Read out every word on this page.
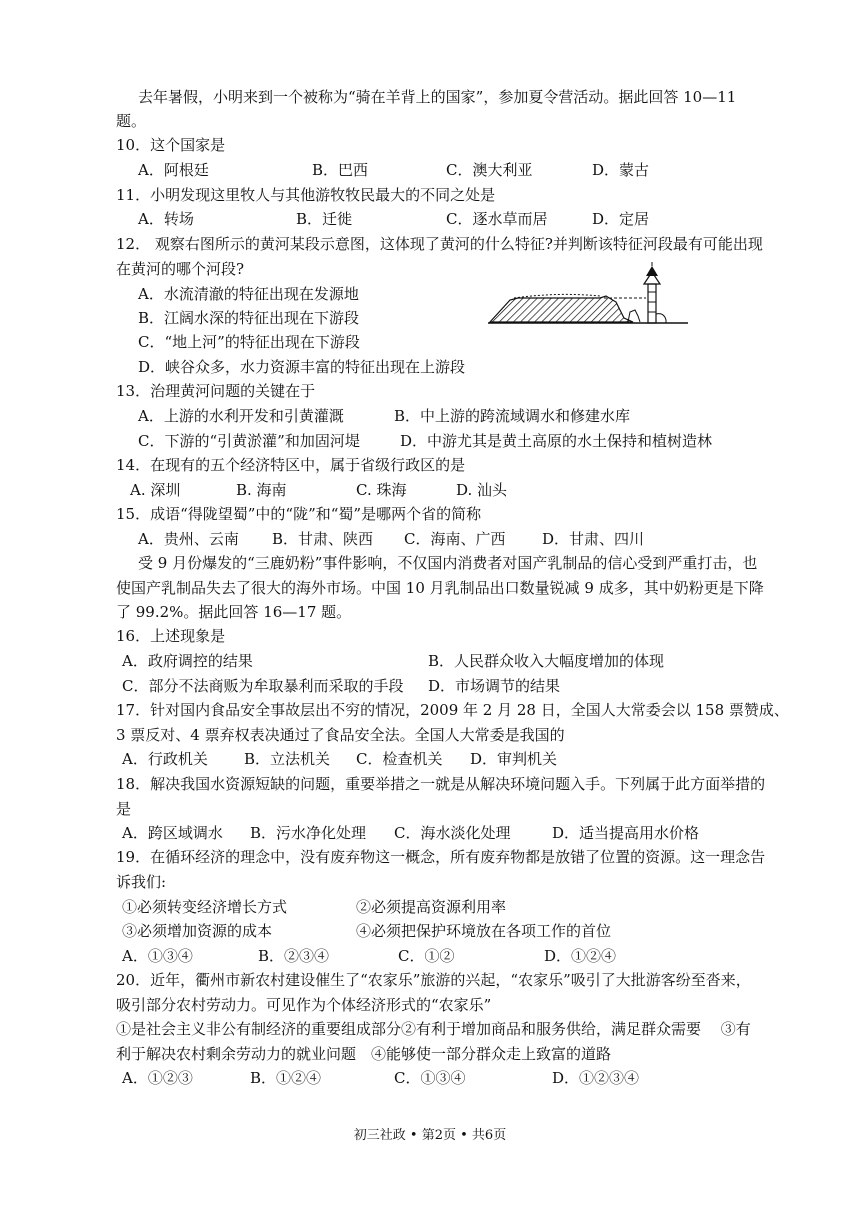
去年暑假，小明来到一个被称为“骑在羊背上的国家”，参加夏令营活动。据此回答 10—11
题。
10．这个国家是
A．阿根廷	B．巴西	C．澳大利亚	D．蒙古
11．小明发现这里牧人与其他游牧牧民最大的不同之处是
A．转场	B．迁徙	C．逐水草而居	D．定居
12． 观察右图所示的黄河某段示意图，这体现了黄河的什么特征?并判断该特征河段最有可能出现
在黄河的哪个河段?
A．水流清澈的特征出现在发源地
B．江阔水深的特征出现在下游段
C．“地上河”的特征出现在下游段
D．峡谷众多，水力资源丰富的特征出现在上游段
13．治理黄河问题的关键在于
A．上游的水利开发和引黄灌溉	B．中上游的跨流域调水和修建水库
C．下游的“引黄淤灌”和加固河堤	D．中游尤其是黄土高原的水土保持和植树造林
14．在现有的五个经济特区中，属于省级行政区的是
A. 深圳	B. 海南	C. 珠海	D. 汕头
15．成语“得陇望蜀”中的“陇”和“蜀”是哪两个省的简称
A．贵州、云南 B．甘肃、陕西 C．海南、广西 D．甘肃、四川
受 9 月份爆发的“三鹿奶粉”事件影响，不仅国内消费者对国产乳制品的信心受到严重打击，也
使国产乳制品失去了很大的海外市场。中国 10 月乳制品出口数量锐减 9 成多，其中奶粉更是下降
了 99.2%。据此回答 16—17 题。
16．上述现象是
A．政府调控的结果	B．人民群众收入大幅度增加的体现
C．部分不法商贩为牟取暴利而采取的手段 D．市场调节的结果
17．针对国内食品安全事故层出不穷的情况，2009 年 2 月 28 日，全国人大常委会以 158 票赞成、
3 票反对、4 票弃权表决通过了食品安全法。全国人大常委是我国的
A．行政机关 B．立法机关 C．检查机关 D．审判机关
18．解决我国水资源短缺的问题，重要举措之一就是从解决环境问题入手。下列属于此方面举措的
是
A．跨区域调水 B．污水净化处理 C．海水淡化处理	D．适当提高用水价格
19．在循环经济的理念中，没有废弃物这一概念，所有废弃物都是放错了位置的资源。这一理念告
诉我们:
①必须转变经济增长方式	②必须提高资源利用率
③必须增加资源的成本	④必须把保护环境放在各项工作的首位
A．①③④	B．②③④	C．①②	D．①②④
20．近年，衢州市新农村建设催生了“农家乐”旅游的兴起，“农家乐”吸引了大批游客纷至沓来，
吸引部分农村劳动力。可见作为个体经济形式的“农家乐”
①是社会主义非公有制经济的重要组成部分②有利于增加商品和服务供给，满足群众需要　 ③有
利于解决农村剩余劳动力的就业问题　④能够使一部分群众走上致富的道路
A．①②③	B．①②④	C．①③④	D．①②③④
初三社政 • 第2页 • 共6页
